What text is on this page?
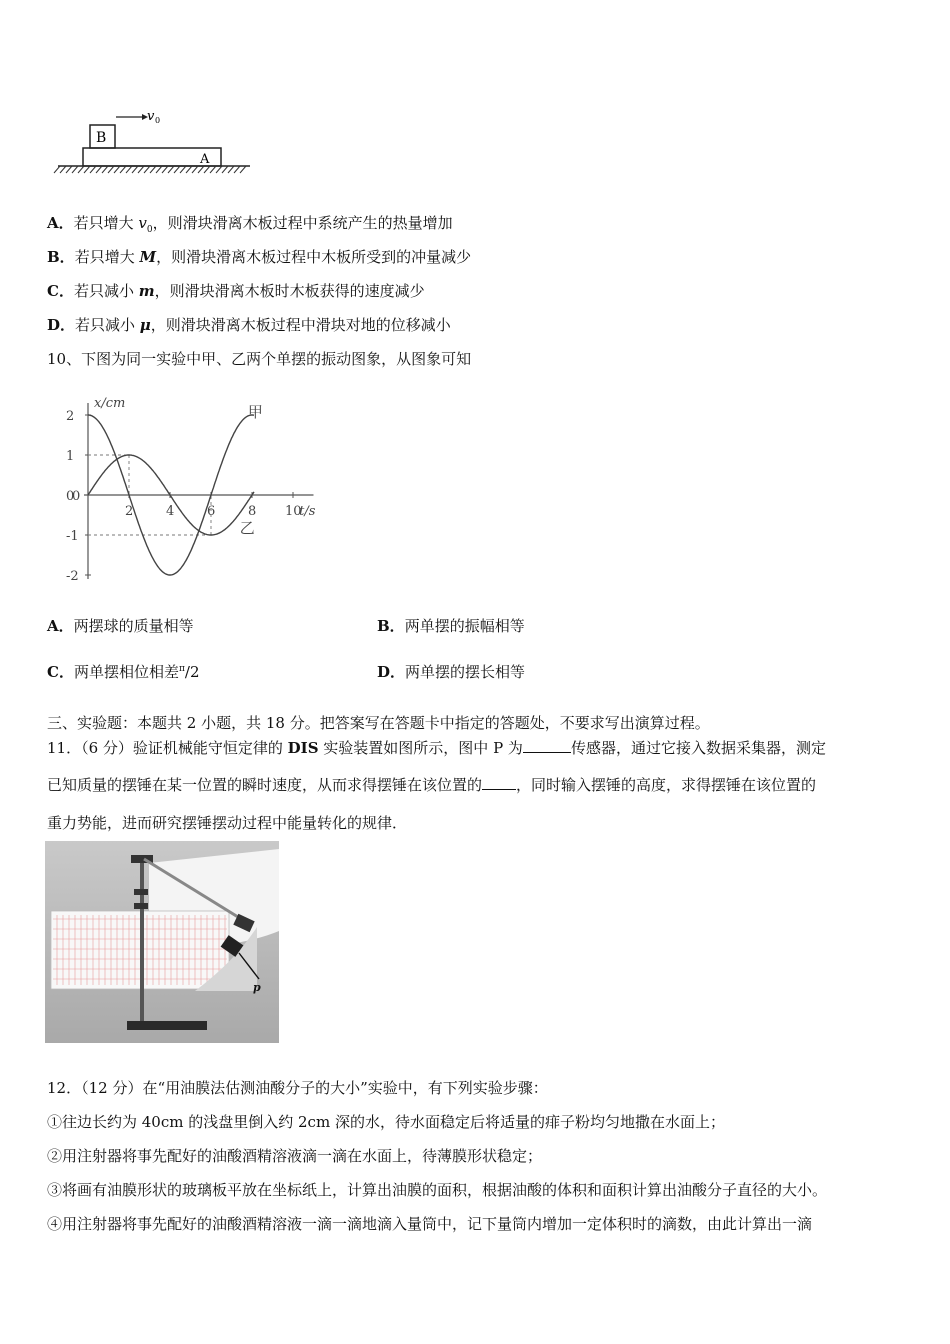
B
A
v 0
A．若只增大 $v_0$，则滑块滑离木板过程中系统产生的热量增加
B．若只增大 M，则滑块滑离木板过程中木板所受到的冲量减少
C．若只减小 m，则滑块滑离木板时木板获得的速度减少
D．若只减小 μ，则滑块滑离木板过程中滑块对地的位移减小
10、下图为同一实验中甲、乙两个单摆的振动图象，从图象可知
2
1
0
-1
-2
2	4	6	8 10
0
甲
乙
x/cm
t/s
A．两摆球的质量相等	B．两单摆的振幅相等
C．两单摆相位相差$^\pi$/2	D．两单摆的摆长相等
三、实验题：本题共 2 小题，共 18 分。把答案写在答题卡中指定的答题处，不要求写出演算过程。
11．（6 分）验证机械能守恒定律的 DIS 实验装置如图所示，图中 P 为	传感器，通过它接入数据采集器，测定
已知质量的摆锤在某一位置的瞬时速度，从而求得摆锤在该位置的 ，同时输入摆锤的高度，求得摆锤在该位置的
重力势能，进而研究摆锤摆动过程中能量转化的规律．
p
12．（12 分）在“用油膜法估测油酸分子的大小”实验中，有下列实验步骤：
①往边长约为 40cm 的浅盘里倒入约 2cm 深的水，待水面稳定后将适量的痱子粉均匀地撒在水面上；
②用注射器将事先配好的油酸酒精溶液滴一滴在水面上，待薄膜形状稳定；
③将画有油膜形状的玻璃板平放在坐标纸上，计算出油膜的面积，根据油酸的体积和面积计算出油酸分子直径的大小。
④用注射器将事先配好的油酸酒精溶液一滴一滴地滴入量筒中，记下量筒内增加一定体积时的滴数，由此计算出一滴
